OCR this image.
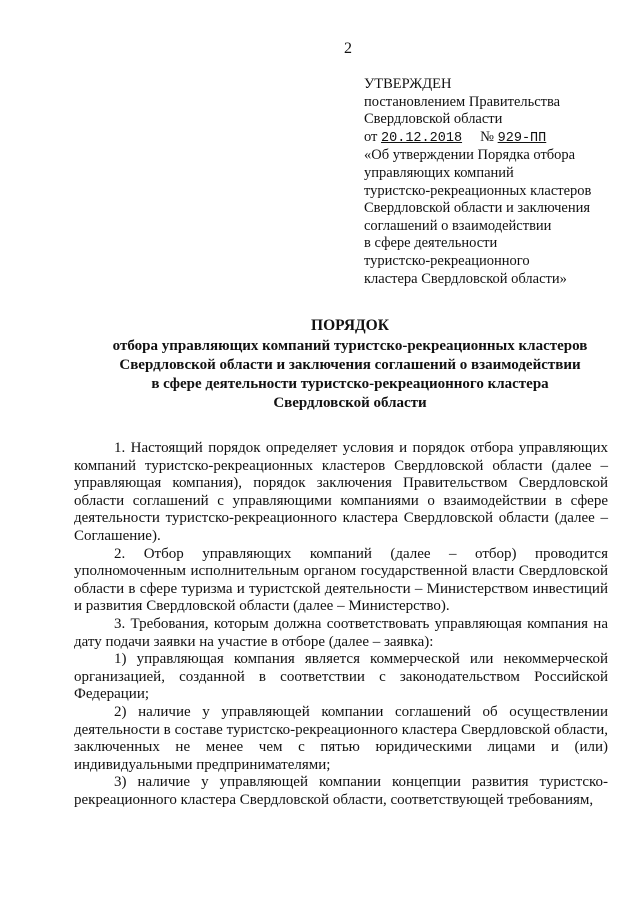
2
УТВЕРЖДЕН
постановлением Правительства
Свердловской области
от 20.12.2018 № 929-ПП
«Об утверждении Порядка отбора
управляющих компаний
туристско-рекреационных кластеров
Свердловской области и заключения
соглашений о взаимодействии
в сфере деятельности
туристско-рекреационного
кластера Свердловской области»
ПОРЯДОК
отбора управляющих компаний туристско-рекреационных кластеров
Свердловской области и заключения соглашений о взаимодействии
в сфере деятельности туристско-рекреационного кластера
Свердловской области

1. Настоящий порядок определяет условия и порядок отбора управляющих компаний туристско-рекреационных кластеров Свердловской области (далее – управляющая компания), порядок заключения Правительством Свердловской области соглашений с управляющими компаниями о взаимодействии в сфере деятельности туристско-рекреационного кластера Свердловской области (далее – Соглашение).

2. Отбор управляющих компаний (далее – отбор) проводится уполномоченным исполнительным органом государственной власти Свердловской области в сфере туризма и туристской деятельности – Министерством инвестиций и развития Свердловской области (далее – Министерство).

3. Требования, которым должна соответствовать управляющая компания на дату подачи заявки на участие в отборе (далее – заявка):

1) управляющая компания является коммерческой или некоммерческой организацией, созданной в соответствии с законодательством Российской Федерации;

2) наличие у управляющей компании соглашений об осуществлении деятельности в составе туристско-рекреационного кластера Свердловской области, заключенных не менее чем с пятью юридическими лицами и (или) индивидуальными предпринимателями;

3) наличие у управляющей компании концепции развития туристско-рекреационного кластера Свердловской области, соответствующей требованиям,
